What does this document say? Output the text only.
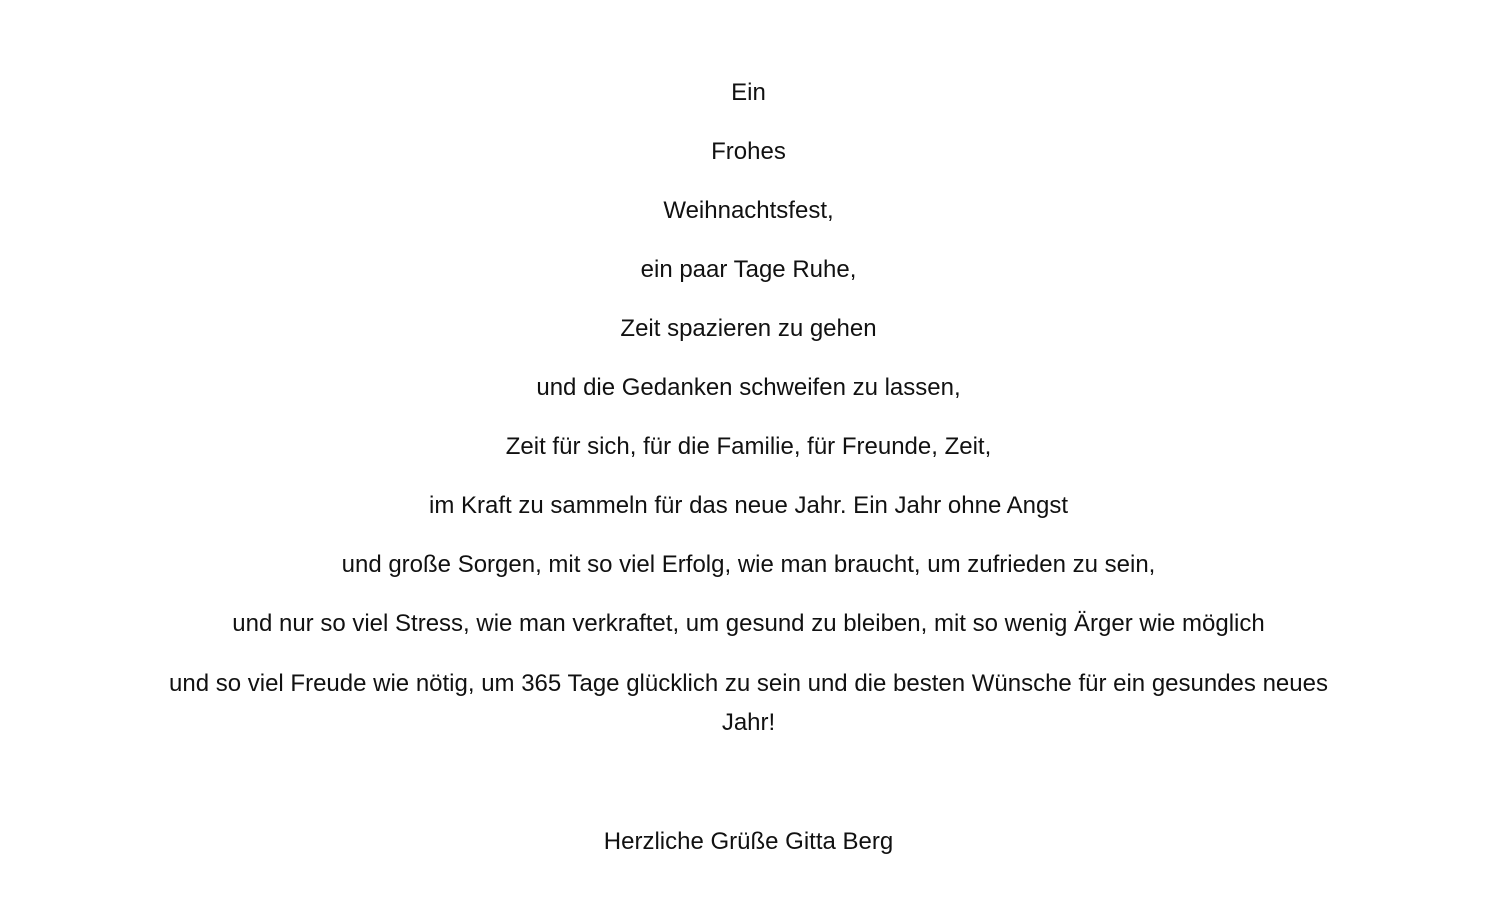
Ein

Frohes

Weihnachtsfest,

ein paar Tage Ruhe,

Zeit spazieren zu gehen

und die Gedanken schweifen zu lassen,

Zeit für sich, für die Familie, für Freunde, Zeit,

im Kraft zu sammeln für das neue Jahr. Ein Jahr ohne Angst

und große Sorgen, mit so viel Erfolg, wie man braucht, um zufrieden zu sein,

und nur so viel Stress, wie man verkraftet, um gesund zu bleiben, mit so wenig Ärger wie möglich

und so viel Freude wie nötig, um 365 Tage glücklich zu sein und die besten Wünsche für ein gesundes neues Jahr!

Herzliche Grüße Gitta Berg
